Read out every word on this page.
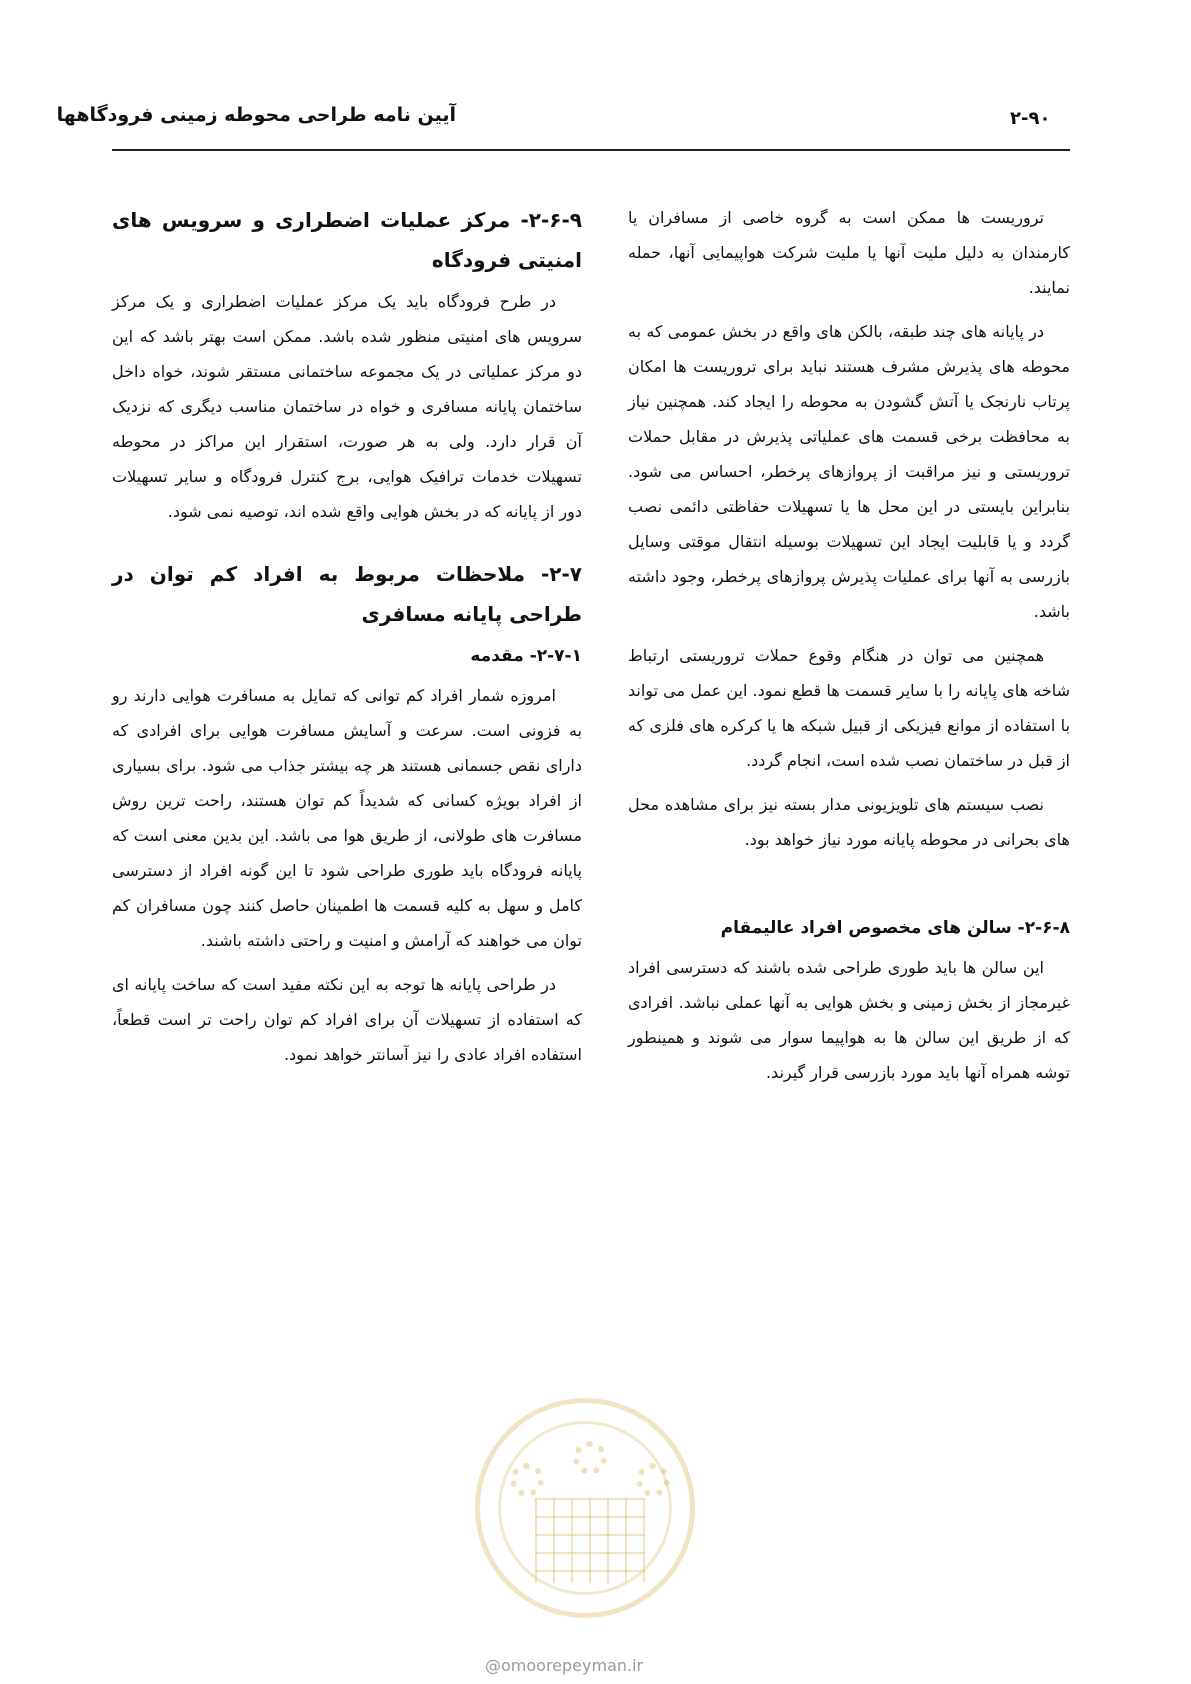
آیین نامه طراحی محوطه زمینی فرودگاهها	۲-۹۰

تروریست ها ممکن است به گروه خاصی از مسافران یا کارمندان به دلیل ملیت آنها یا ملیت شرکت هواپیمایی آنها، حمله نمایند.

در پایانه های چند طبقه، بالکن های واقع در بخش عمومی که به محوطه های پذیرش مشرف هستند نباید برای تروریست ها امکان پرتاب نارنجک یا آتش گشودن به محوطه را ایجاد کند. همچنین نیاز به محافظت برخی قسمت های عملیاتی پذیرش در مقابل حملات تروریستی و نیز مراقبت از پروازهای پرخطر، احساس می شود. بنابراین بایستی در این محل ها یا تسهیلات حفاظتی دائمی نصب گردد و یا قابلیت ایجاد این تسهیلات بوسیله انتقال موقتی وسایل بازرسی به آنها برای عملیات پذیرش پروازهای پرخطر، وجود داشته باشد.

همچنین می توان در هنگام وقوع حملات تروریستی ارتباط شاخه های پایانه را با سایر قسمت ها قطع نمود. این عمل می تواند با استفاده از موانع فیزیکی از قبیل شبکه ها یا کرکره های فلزی که از قبل در ساختمان نصب شده است، انجام گردد.

نصب سیستم های تلویزیونی مدار بسته نیز برای مشاهده محل های بحرانی در محوطه پایانه مورد نیاز خواهد بود.

۲-۶-۸- سالن های مخصوص افراد عالیمقام

این سالن ها باید طوری طراحی شده باشند که دسترسی افراد غیرمجاز از بخش زمینی و بخش هوایی به آنها عملی نباشد. افرادی که از طریق این سالن ها به هواپیما سوار می شوند و همینطور توشه همراه آنها باید مورد بازرسی قرار گیرند.

۲-۶-۹- مرکز عملیات اضطراری و سرویس های امنیتی فرودگاه

در طرح فرودگاه باید یک مرکز عملیات اضطراری و یک مرکز سرویس های امنیتی منظور شده باشد. ممکن است بهتر باشد که این دو مرکز عملیاتی در یک مجموعه ساختمانی مستقر شوند، خواه داخل ساختمان پایانه مسافری و خواه در ساختمان مناسب دیگری که نزدیک آن قرار دارد. ولی به هر صورت، استقرار این مراکز در محوطه تسهیلات خدمات ترافیک هوایی، برج کنترل فرودگاه و سایر تسهیلات دور از پایانه که در بخش هوایی واقع شده اند، توصیه نمی شود.

۲-۷- ملاحظات مربوط به افراد کم توان در طراحی پایانه مسافری

۲-۷-۱- مقدمه

امروزه شمار افراد کم توانی که تمایل به مسافرت هوایی دارند رو به فزونی است. سرعت و آسایش مسافرت هوایی برای افرادی که دارای نقص جسمانی هستند هر چه بیشتر جذاب می شود. برای بسیاری از افراد بویژه کسانی که شدیداً کم توان هستند، راحت ترین روش مسافرت های طولانی، از طریق هوا می باشد. این بدین معنی است که پایانه فرودگاه باید طوری طراحی شود تا این گونه افراد از دسترسی کامل و سهل به کلیه قسمت ها اطمینان حاصل کنند چون مسافران کم توان می خواهند که آرامش و امنیت و راحتی داشته باشند.

در طراحی پایانه ها توجه به این نکته مفید است که ساخت پایانه ای که استفاده از تسهیلات آن برای افراد کم توان راحت تر است قطعاً، استفاده افراد عادی را نیز آسانتر خواهد نمود.

@omoorepeyman.ir
